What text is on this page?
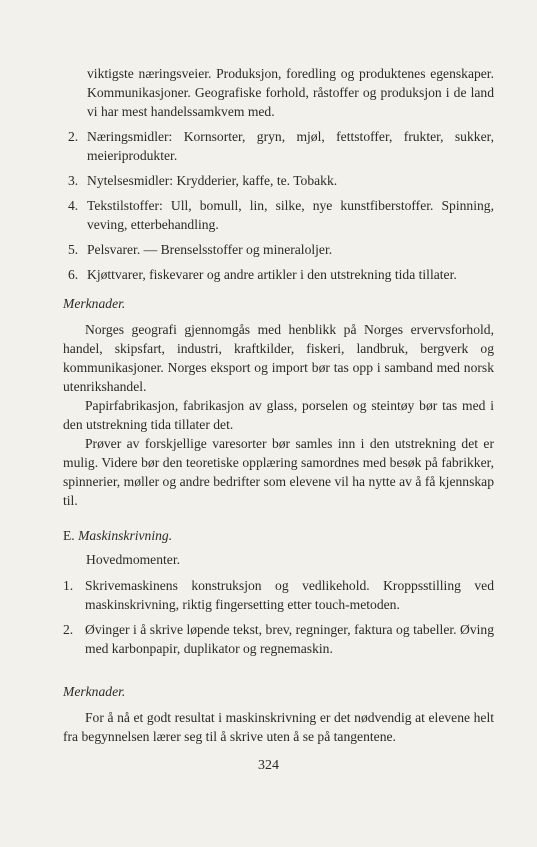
viktigste næringsveier. Produksjon, foredling og produktenes egenskaper. Kommunikasjoner. Geografiske forhold, råstoffer og produksjon i de land vi har mest handelssamkvem med.

2. Næringsmidler: Kornsorter, gryn, mjøl, fettstoffer, frukter, sukker, meieriprodukter.
3. Nytelsesmidler: Krydderier, kaffe, te. Tobakk.
4. Tekstilstoffer: Ull, bomull, lin, silke, nye kunstfiberstoffer. Spinning, veving, etterbehandling.
5. Pelsvarer. — Brenselsstoffer og mineraloljer.
6. Kjøttvarer, fiskevarer og andre artikler i den utstrekning tida tillater.
Merknader.

Norges geografi gjennomgås med henblikk på Norges ervervsforhold, handel, skipsfart, industri, kraftkilder, fiskeri, landbruk, bergverk og kommunikasjoner. Norges eksport og import bør tas opp i samband med norsk utenrikshandel.

Papirfabrikasjon, fabrikasjon av glass, porselen og steintøy bør tas med i den utstrekning tida tillater det.

Prøver av forskjellige varesorter bør samles inn i den utstrekning det er mulig. Videre bør den teoretiske opplæring samordnes med besøk på fabrikker, spinnerier, møller og andre bedrifter som elevene vil ha nytte av å få kjennskap til.

E. Maskinskrivning.
Hovedmomenter.
1. Skrivemaskinens konstruksjon og vedlikehold. Kroppsstilling ved maskinskrivning, riktig fingersetting etter touch-metoden.
2. Øvinger i å skrive løpende tekst, brev, regninger, faktura og tabeller. Øving med karbonpapir, duplikator og regnemaskin.
Merknader.

For å nå et godt resultat i maskinskrivning er det nødvendig at elevene helt fra begynnelsen lærer seg til å skrive uten å se på tangentene.

324
